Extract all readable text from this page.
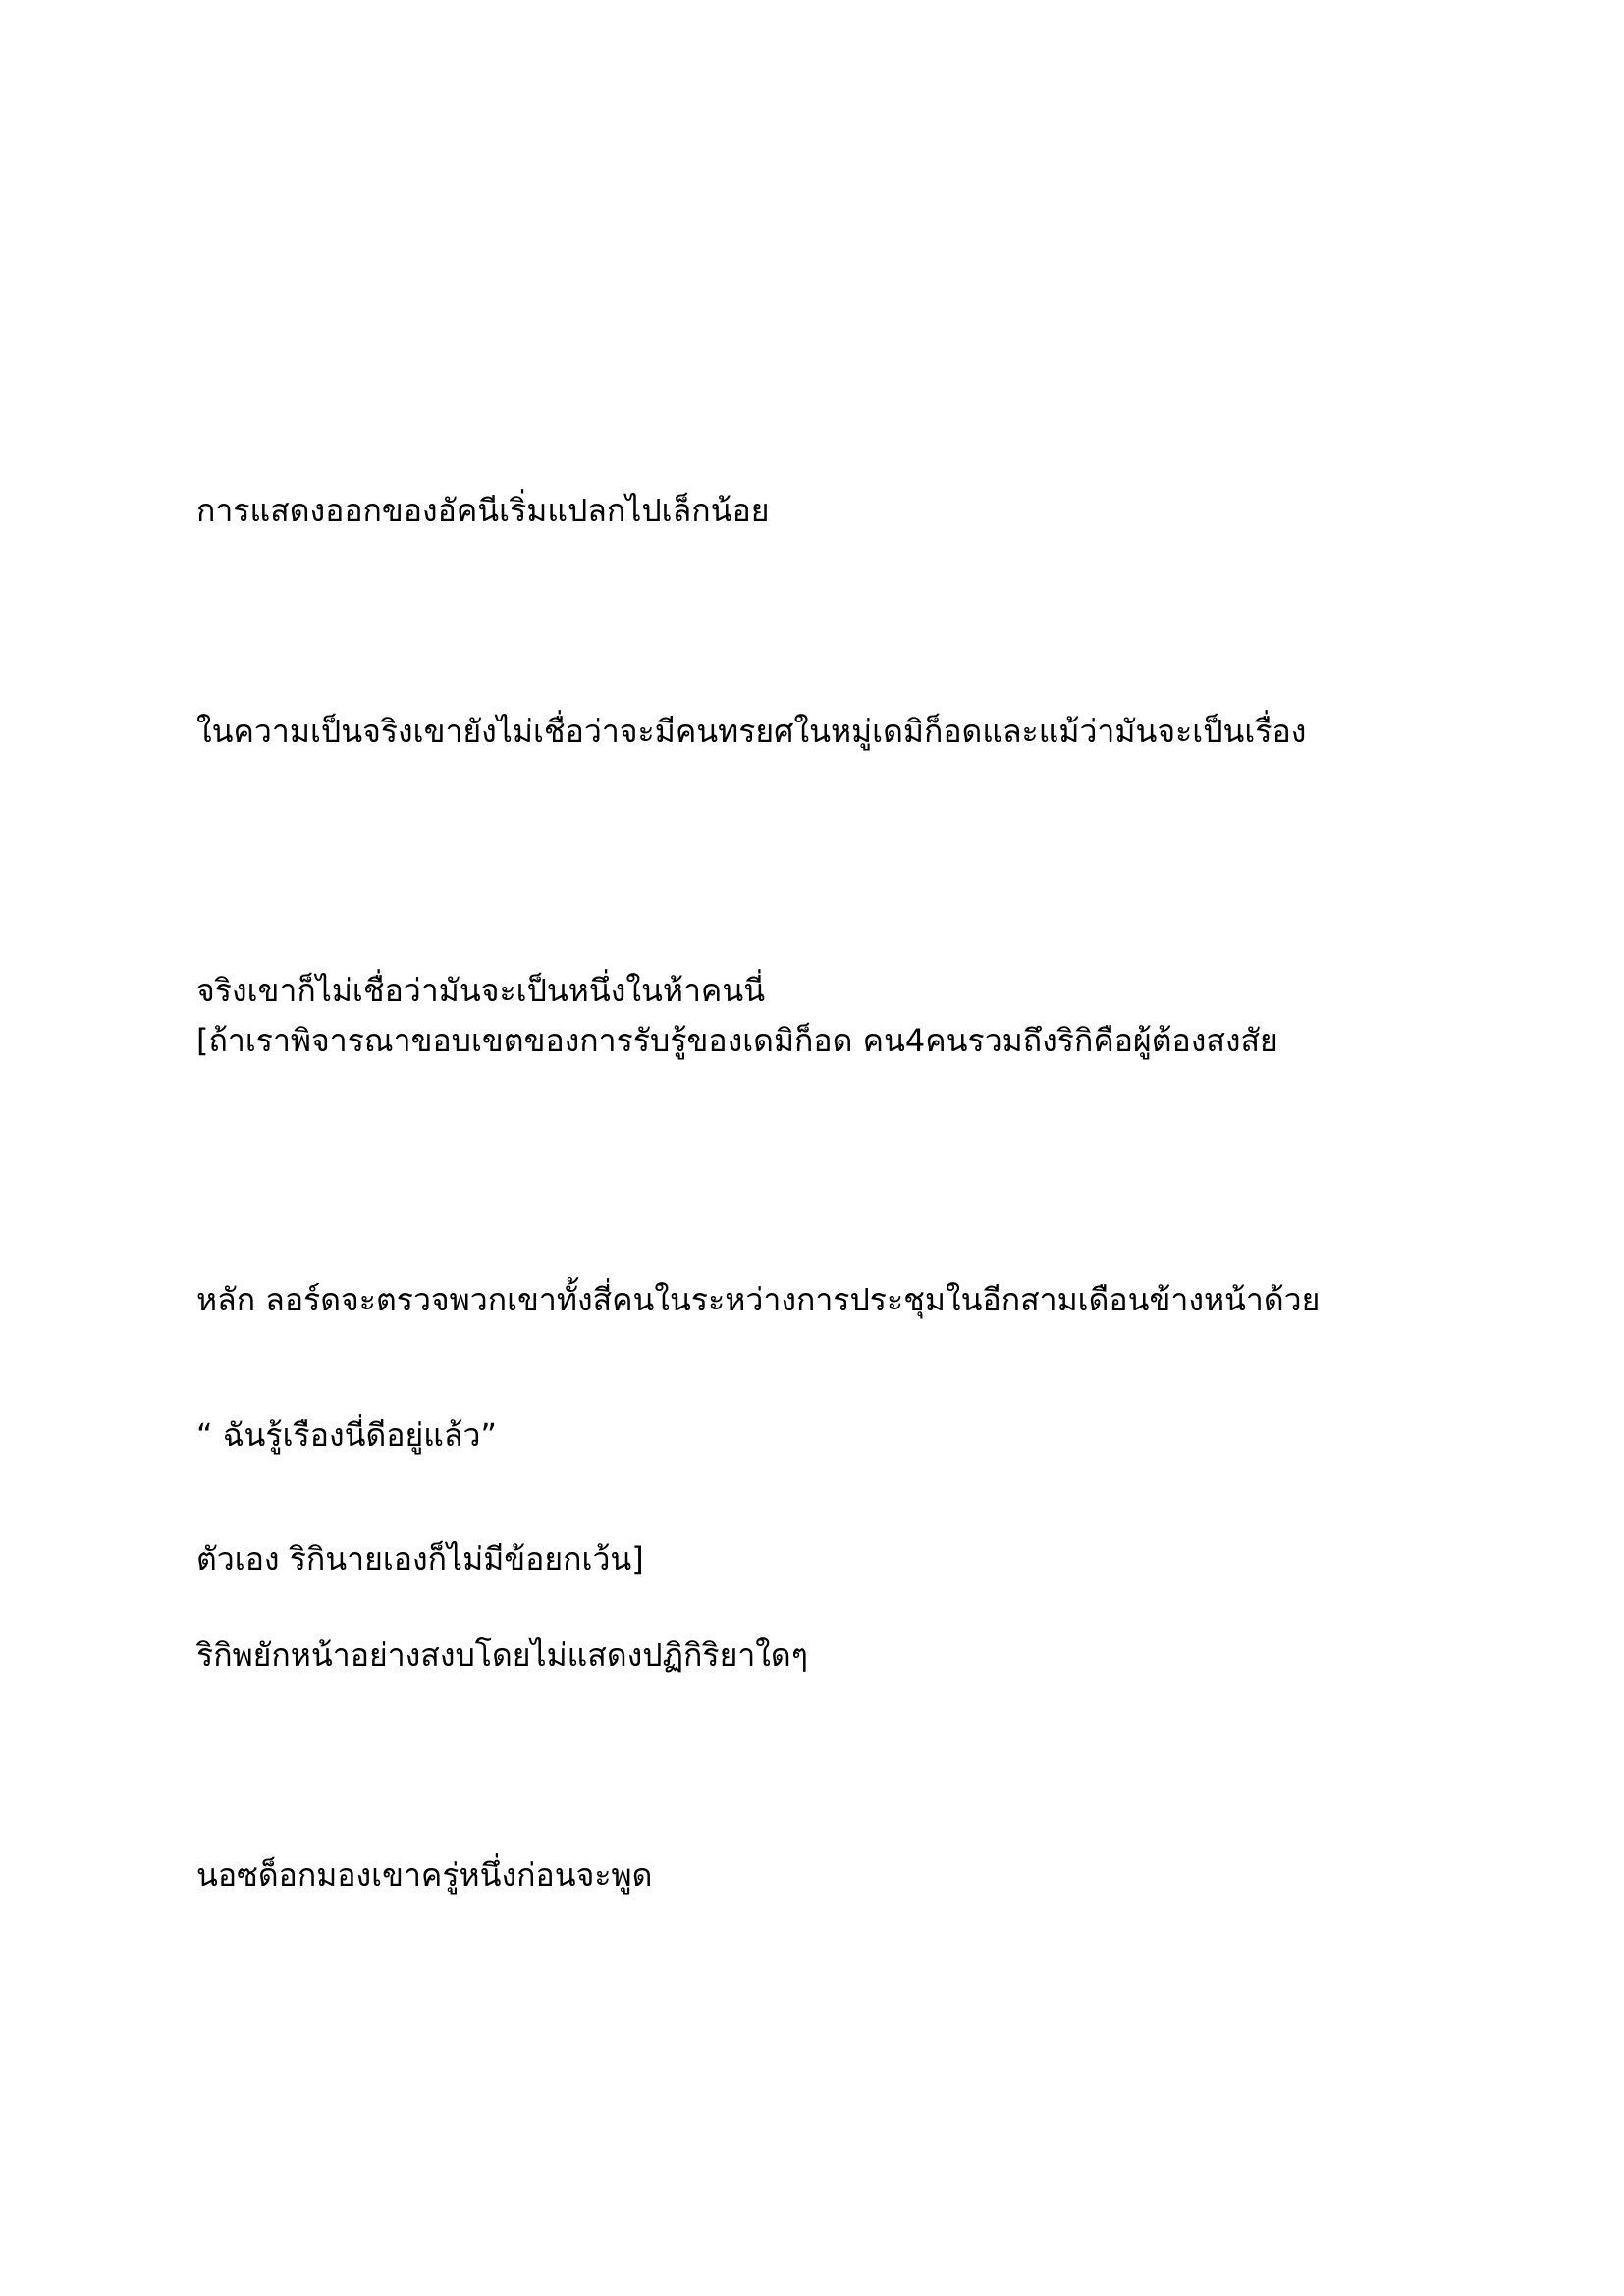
การแสดงออกของอัคนีเริ่มแปลกไปเล็กน้อย

ในความเป็นจริงเขายังไม่เชื่อว่าจะมีคนทรยศในหมู่เดมิก็อดและแม้ว่ามันจะเป็นเรื่อง

จริงเขาก็ไม่เชื่อว่ามันจะเป็นหนึ่งในห้าคนนี่

[ถ้าเราพิจารณาขอบเขตของการรับรู้ของเดมิก็อด คน4คนรวมถึงริกิคือผู้ต้องสงสัย

หลัก ลอร์ดจะตรวจพวกเขาทั้งสี่คนในระหว่างการประชุมในอีกสามเดือนข้างหน้าด้วย

ตัวเอง ริกินายเองก็ไม่มีข้อยกเว้น]

“ ฉันรู้เรืองนี่ดีอยู่แล้ว”

ริกิพยักหน้าอย่างสงบโดยไม่แสดงปฏิกิริยาใดๆ

นอซด็อกมองเขาครู่หนึ่งก่อนจะพูด
